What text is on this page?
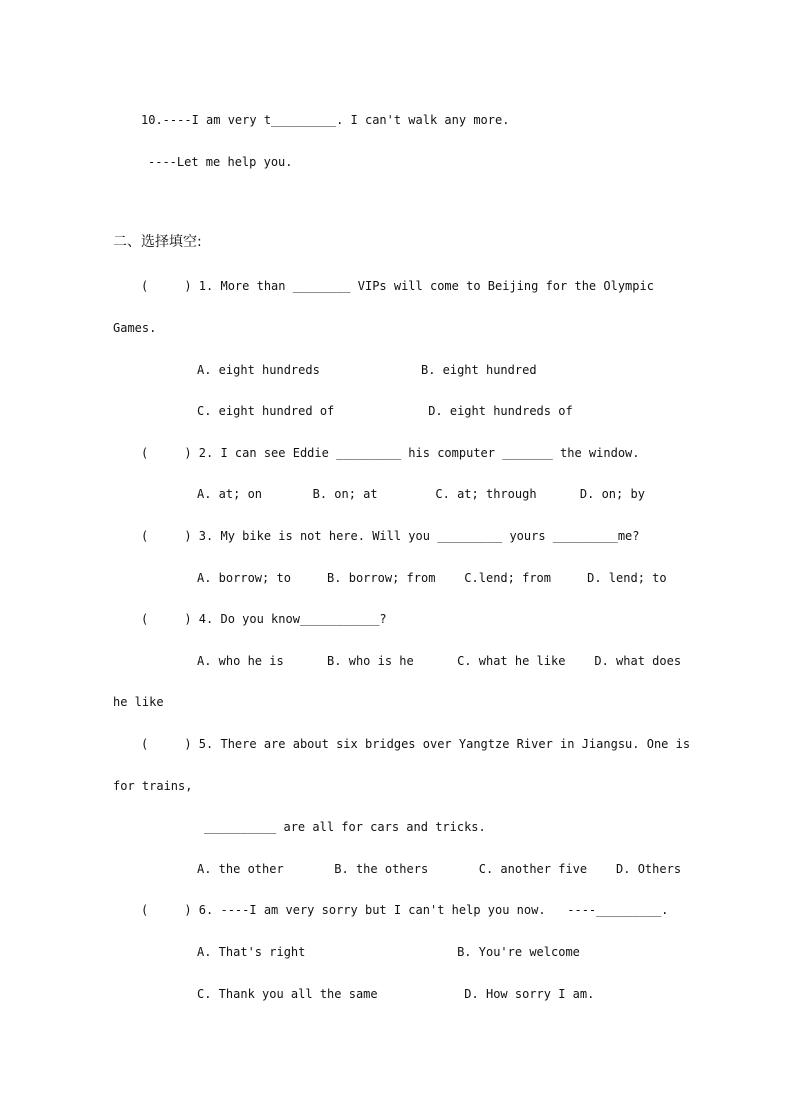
10.----I am very t_________. I can't walk any more.
----Let me help you.
二、选择填空:
(     ) 1. More than ________ VIPs will come to Beijing for the Olympic
Games.
A. eight hundreds              B. eight hundred
C. eight hundred of             D. eight hundreds of
(     ) 2. I can see Eddie _________ his computer _______ the window.
A. at; on       B. on; at        C. at; through      D. on; by
(     ) 3. My bike is not here. Will you _________ yours _________me?
A. borrow; to     B. borrow; from    C.lend; from     D. lend; to
(     ) 4. Do you know___________?
A. who he is      B. who is he      C. what he like    D. what does
he like
(     ) 5. There are about six bridges over Yangtze River in Jiangsu. One is
for trains,
__________ are all for cars and tricks.
A. the other       B. the others       C. another five    D. Others
(     ) 6. ----I am very sorry but I can't help you now.   ----_________.
A. That's right                     B. You're welcome
C. Thank you all the same            D. How sorry I am.
